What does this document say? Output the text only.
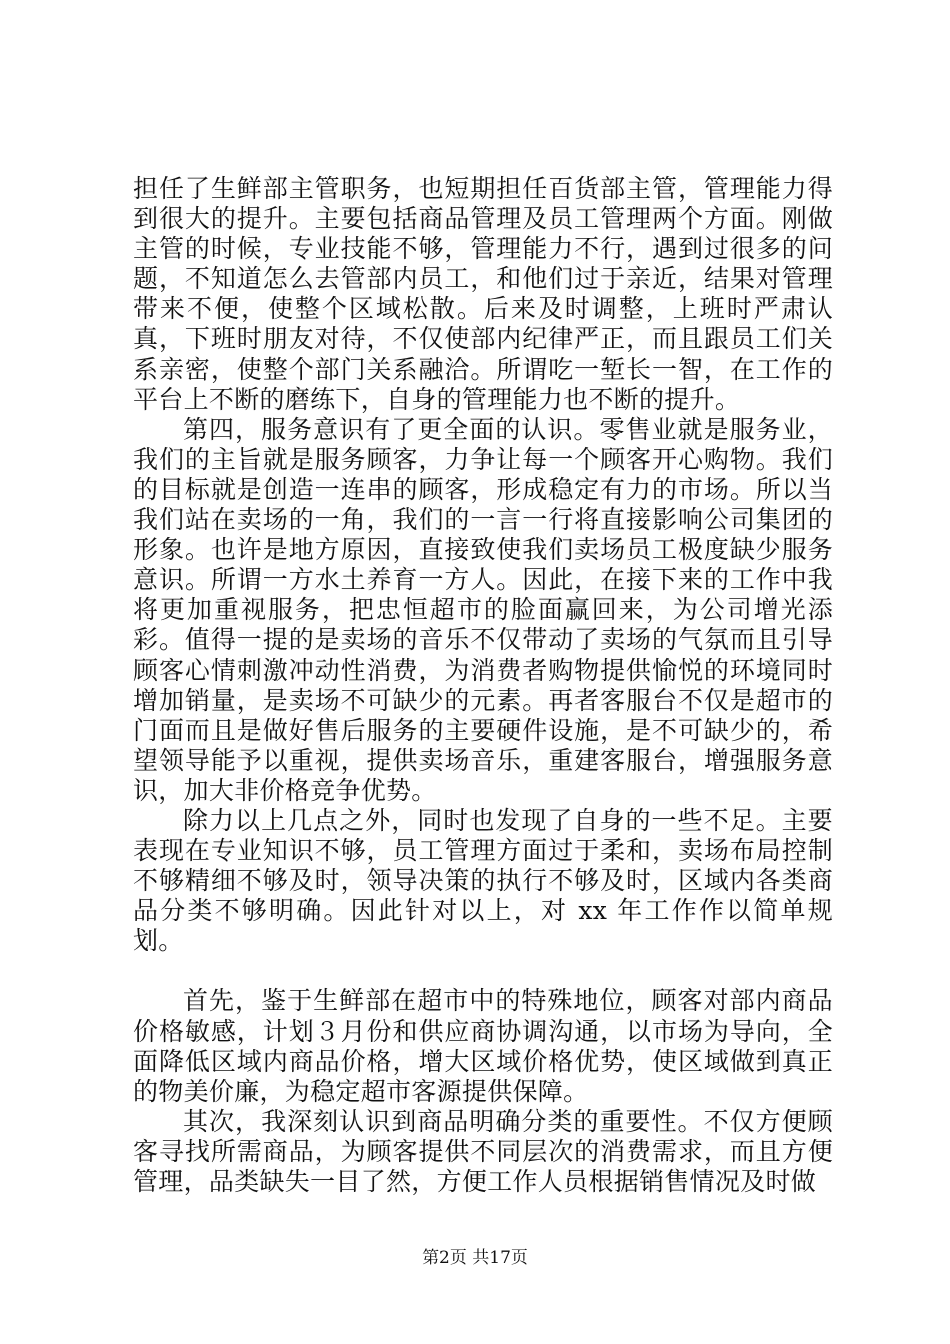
担任了生鲜部主管职务，也短期担任百货部主管，管理能力得到很大的提升。主要包括商品管理及员工管理两个方面。刚做主管的时候，专业技能不够，管理能力不行，遇到过很多的问题，不知道怎么去管部内员工，和他们过于亲近，结果对管理带来不便，使整个区域松散。后来及时调整，上班时严肃认真，下班时朋友对待，不仅使部内纪律严正，而且跟员工们关系亲密，使整个部门关系融洽。所谓吃一堑长一智，在工作的平台上不断的磨练下，自身的管理能力也不断的提升。

第四，服务意识有了更全面的认识。零售业就是服务业，我们的主旨就是服务顾客，力争让每一个顾客开心购物。我们的目标就是创造一连串的顾客，形成稳定有力的市场。所以当我们站在卖场的一角，我们的一言一行将直接影响公司集团的形象。也许是地方原因，直接致使我们卖场员工极度缺少服务意识。所谓一方水土养育一方人。因此，在接下来的工作中我将更加重视服务，把忠恒超市的脸面赢回来，为公司增光添彩。值得一提的是卖场的音乐不仅带动了卖场的气氛而且引导顾客心情刺激冲动性消费，为消费者购物提供愉悦的环境同时增加销量，是卖场不可缺少的元素。再者客服台不仅是超市的门面而且是做好售后服务的主要硬件设施，是不可缺少的，希望领导能予以重视，提供卖场音乐，重建客服台，增强服务意识，加大非价格竞争优势。

除力以上几点之外，同时也发现了自身的一些不足。主要表现在专业知识不够，员工管理方面过于柔和，卖场布局控制不够精细不够及时，领导决策的执行不够及时，区域内各类商品分类不够明确。因此针对以上，对 xx 年工作作以简单规划。

首先，鉴于生鲜部在超市中的特殊地位，顾客对部内商品价格敏感，计划３月份和供应商协调沟通，以市场为导向，全面降低区域内商品价格，增大区域价格优势，使区域做到真正的物美价廉，为稳定超市客源提供保障。

其次，我深刻认识到商品明确分类的重要性。不仅方便顾客寻找所需商品，为顾客提供不同层次的消费需求，而且方便管理，品类缺失一目了然，方便工作人员根据销售情况及时做

第2页 共17页
